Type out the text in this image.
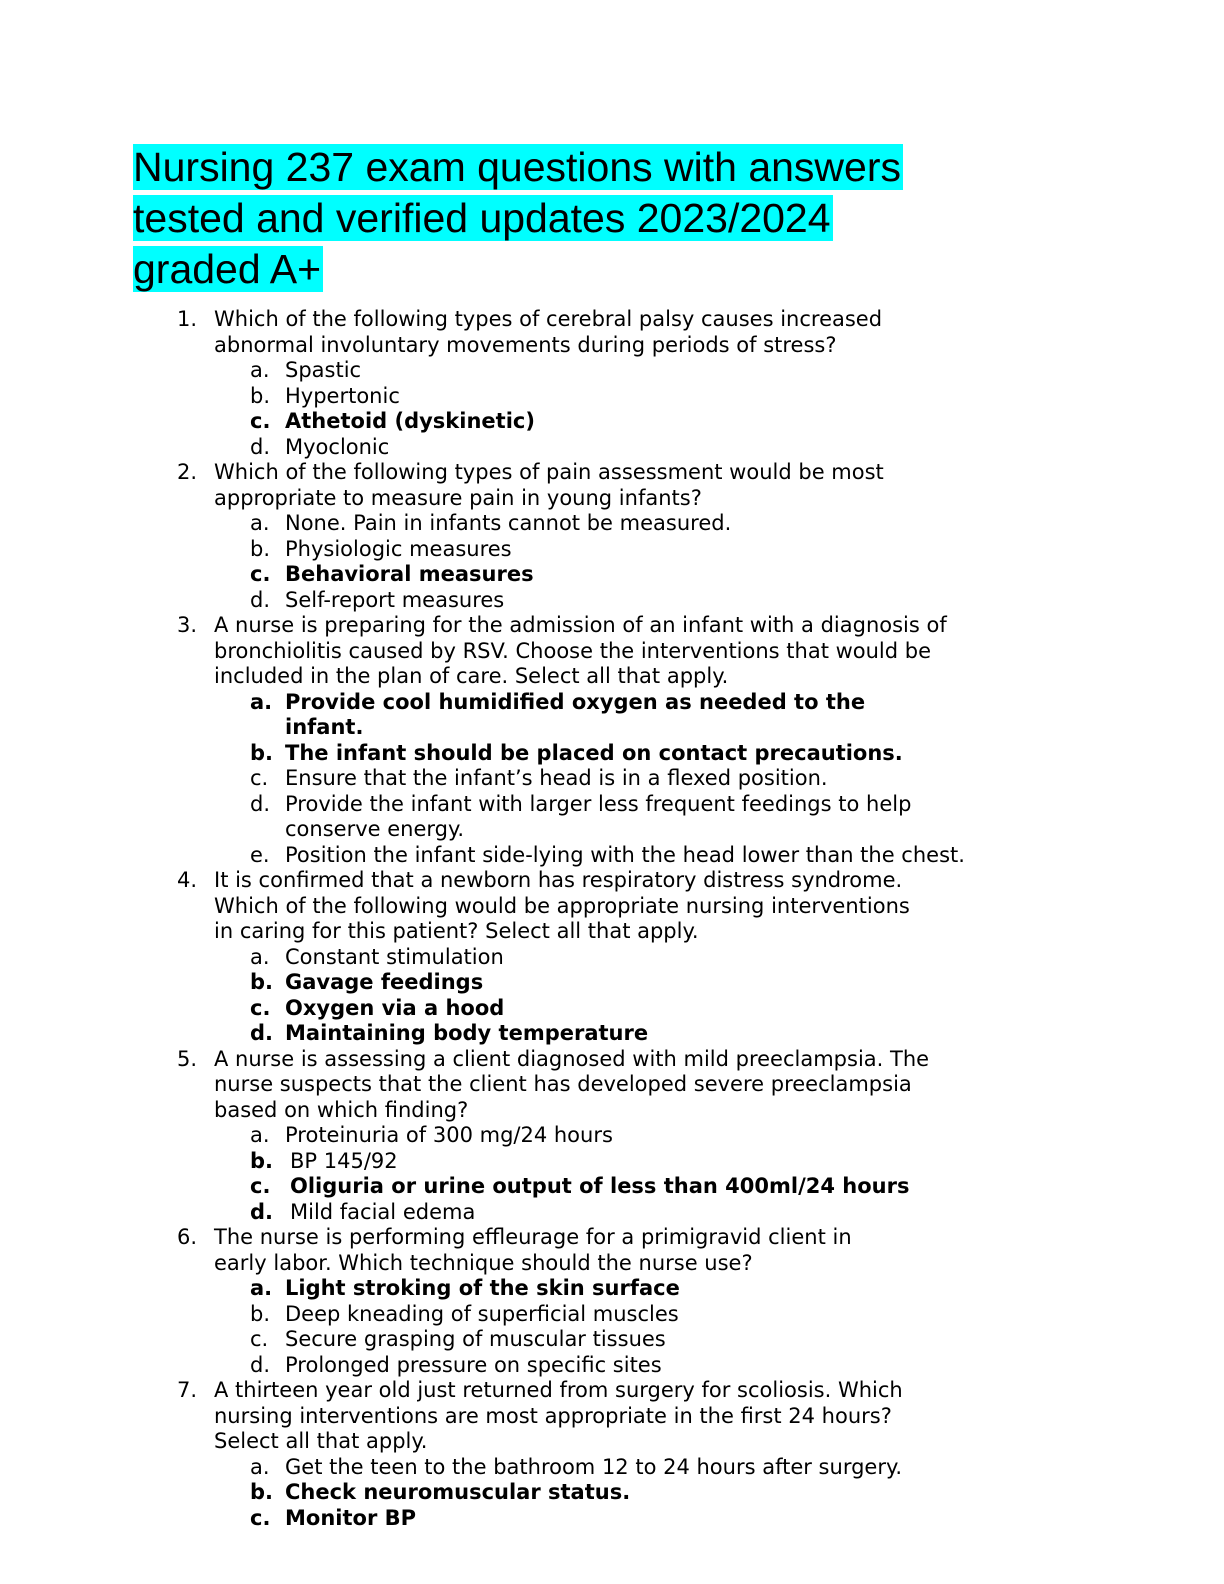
Nursing 237 exam questions with answers
tested and verified updates 2023/2024
graded A+
1. Which of the following types of cerebral palsy causes increased
abnormal involuntary movements during periods of stress?
a. Spastic
b. Hypertonic
c. Athetoid (dyskinetic)
d. Myoclonic
2. Which of the following types of pain assessment would be most
appropriate to measure pain in young infants?
a. None. Pain in infants cannot be measured.
b. Physiologic measures
c. Behavioral measures
d. Self-report measures
3. A nurse is preparing for the admission of an infant with a diagnosis of
bronchiolitis caused by RSV. Choose the interventions that would be
included in the plan of care. Select all that apply.
a. Provide cool humidified oxygen as needed to the
infant.
b. The infant should be placed on contact precautions.
c. Ensure that the infant’s head is in a flexed position.
d. Provide the infant with larger less frequent feedings to help
conserve energy.
e. Position the infant side-lying with the head lower than the chest.
4. It is confirmed that a newborn has respiratory distress syndrome.
Which of the following would be appropriate nursing interventions
in caring for this patient? Select all that apply.
a. Constant stimulation
b. Gavage feedings
c. Oxygen via a hood
d. Maintaining body temperature
5. A nurse is assessing a client diagnosed with mild preeclampsia. The
nurse suspects that the client has developed severe preeclampsia
based on which finding?
a. Proteinuria of 300 mg/24 hours
b. BP 145/92
c. Oliguria or urine output of less than 400ml/24 hours
d. Mild facial edema
6. The nurse is performing effleurage for a primigravid client in
early labor. Which technique should the nurse use?
a. Light stroking of the skin surface
b. Deep kneading of superficial muscles
c. Secure grasping of muscular tissues
d. Prolonged pressure on specific sites
7. A thirteen year old just returned from surgery for scoliosis. Which
nursing interventions are most appropriate in the first 24 hours?
Select all that apply.
a. Get the teen to the bathroom 12 to 24 hours after surgery.
b. Check neuromuscular status.
c. Monitor BP
